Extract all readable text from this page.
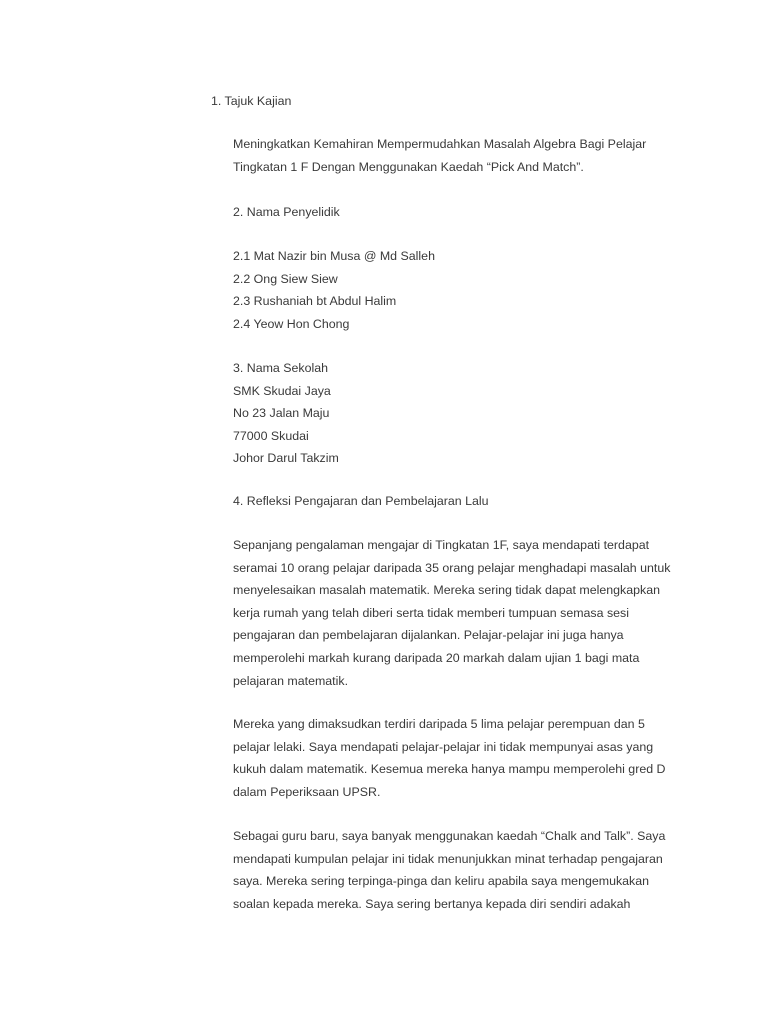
1. Tajuk Kajian
Meningkatkan Kemahiran Mempermudahkan Masalah Algebra Bagi Pelajar
Tingkatan 1 F Dengan Menggunakan Kaedah “Pick And Match”.
2. Nama Penyelidik
2.1 Mat Nazir bin Musa @ Md Salleh
2.2 Ong Siew Siew
2.3 Rushaniah bt Abdul Halim
2.4 Yeow Hon Chong
3. Nama Sekolah
SMK Skudai Jaya
No 23 Jalan Maju
77000 Skudai
Johor Darul Takzim
4. Refleksi Pengajaran dan Pembelajaran Lalu
Sepanjang pengalaman mengajar di Tingkatan 1F, saya mendapati terdapat
seramai 10 orang pelajar daripada 35 orang pelajar menghadapi masalah untuk
menyelesaikan masalah matematik. Mereka sering tidak dapat melengkapkan
kerja rumah yang telah diberi serta tidak memberi tumpuan semasa sesi
pengajaran dan pembelajaran dijalankan. Pelajar-pelajar ini juga hanya
memperolehi markah kurang daripada 20 markah dalam ujian 1 bagi mata
pelajaran matematik.
Mereka yang dimaksudkan terdiri daripada 5 lima pelajar perempuan dan 5
pelajar lelaki. Saya mendapati pelajar-pelajar ini tidak mempunyai asas yang
kukuh dalam matematik. Kesemua mereka hanya mampu memperolehi gred D
dalam Peperiksaan UPSR.
Sebagai guru baru, saya banyak menggunakan kaedah “Chalk and Talk”. Saya
mendapati kumpulan pelajar ini tidak menunjukkan minat terhadap pengajaran
saya. Mereka sering terpinga-pinga dan keliru apabila saya mengemukakan
soalan kepada mereka. Saya sering bertanya kepada diri sendiri adakah
